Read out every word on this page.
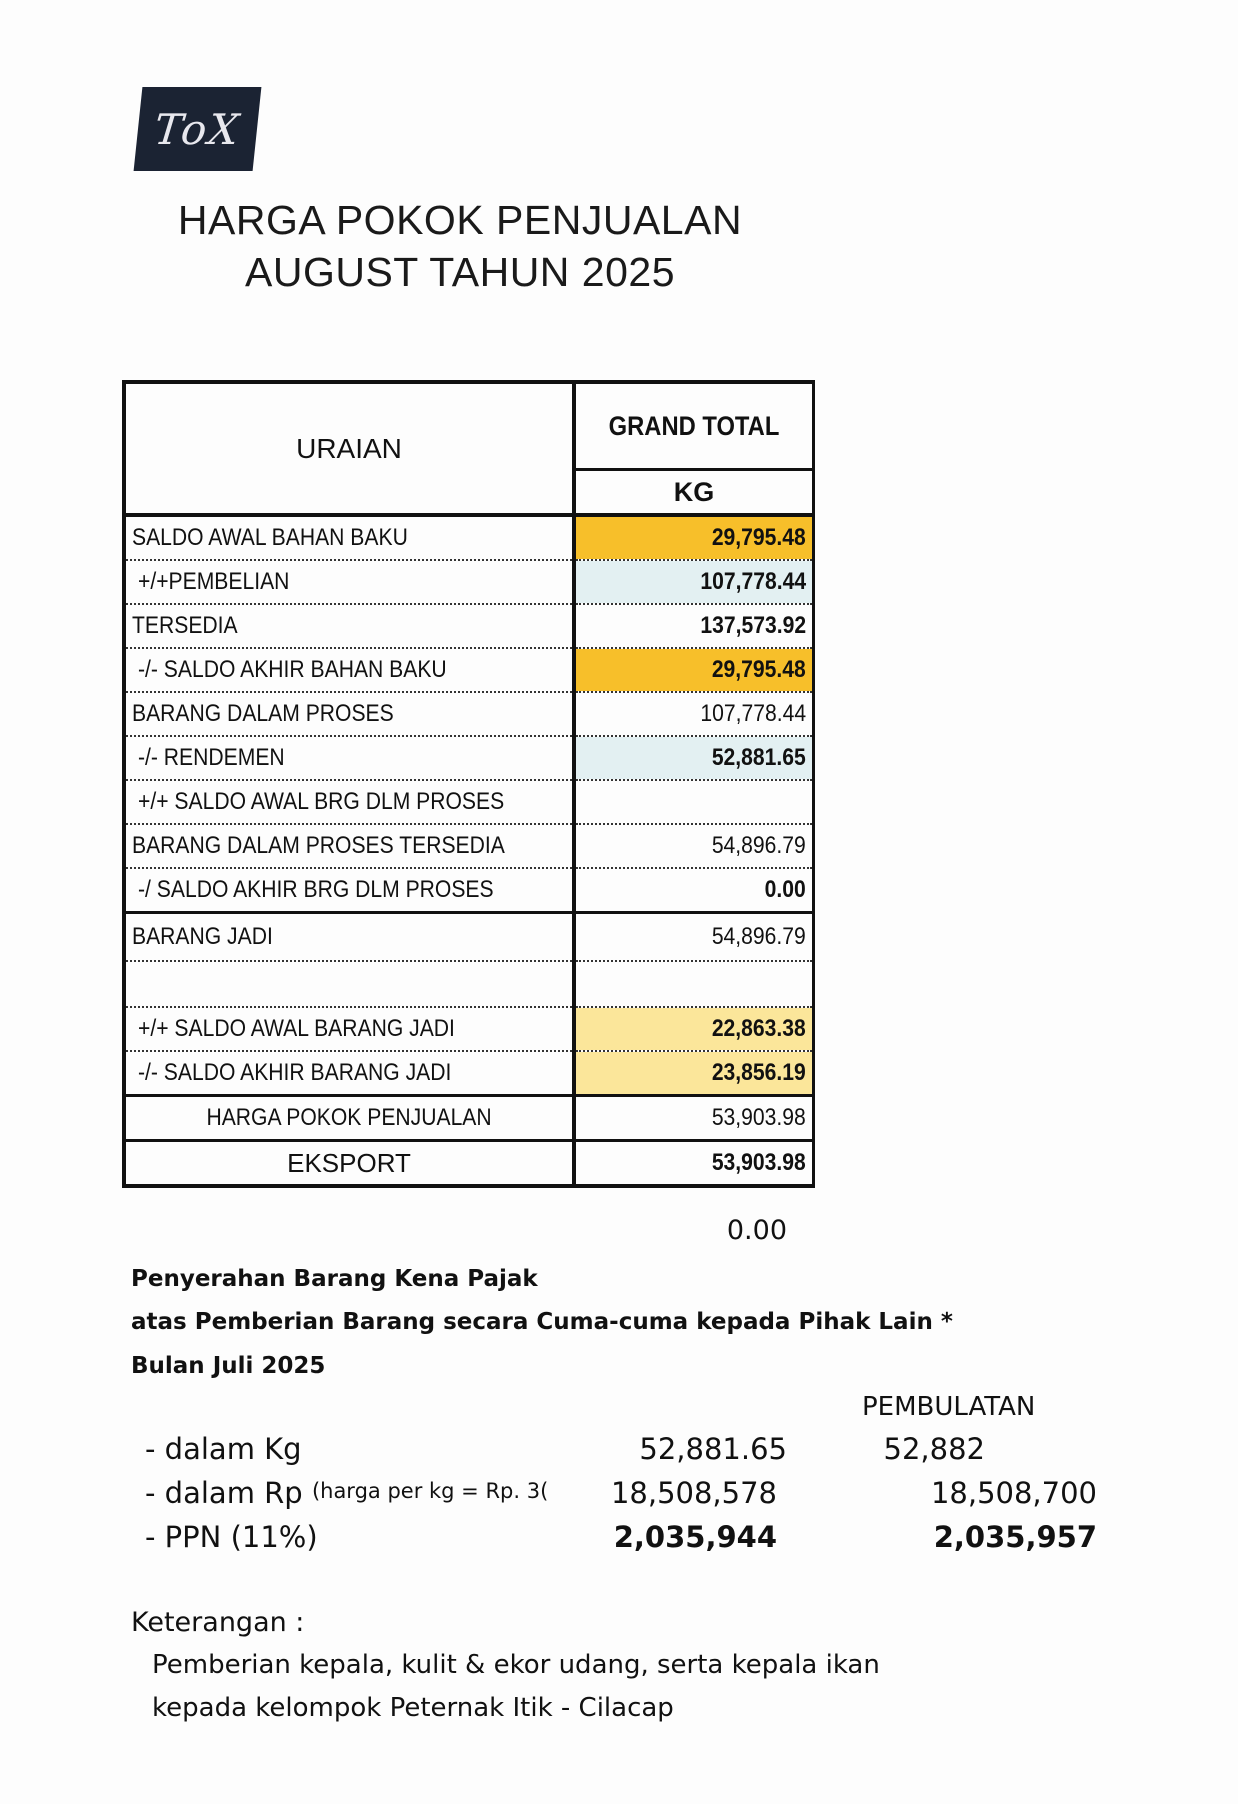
ToX
HARGA POKOK PENJUALAN
AUGUST TAHUN 2025
URAIAN	GRAND TOTAL
	KG
SALDO AWAL BAHAN BAKU	29,795.48
+/+PEMBELIAN	107,778.44
TERSEDIA	137,573.92
-/- SALDO AKHIR BAHAN BAKU	29,795.48
BARANG DALAM PROSES	107,778.44
-/- RENDEMEN	52,881.65
+/+ SALDO AWAL BRG DLM PROSES	
BARANG DALAM PROSES TERSEDIA	54,896.79
-/ SALDO AKHIR BRG DLM PROSES	0.00
BARANG JADI	54,896.79

+/+ SALDO AWAL BARANG JADI	22,863.38
-/- SALDO AKHIR BARANG JADI	23,856.19
HARGA POKOK PENJUALAN	53,903.98
EKSPORT	53,903.98
0.00
Penyerahan Barang Kena Pajak
atas Pemberian Barang secara Cuma-cuma kepada Pihak Lain *
Bulan Juli 2025
PEMBULATAN
- dalam Kg	52,881.65	52,882
- dalam Rp (harga per kg = Rp. 3(	18,508,578	18,508,700
- PPN (11%)	2,035,944	2,035,957
Keterangan :
Pemberian kepala, kulit & ekor udang, serta kepala ikan
kepada kelompok Peternak Itik - Cilacap
